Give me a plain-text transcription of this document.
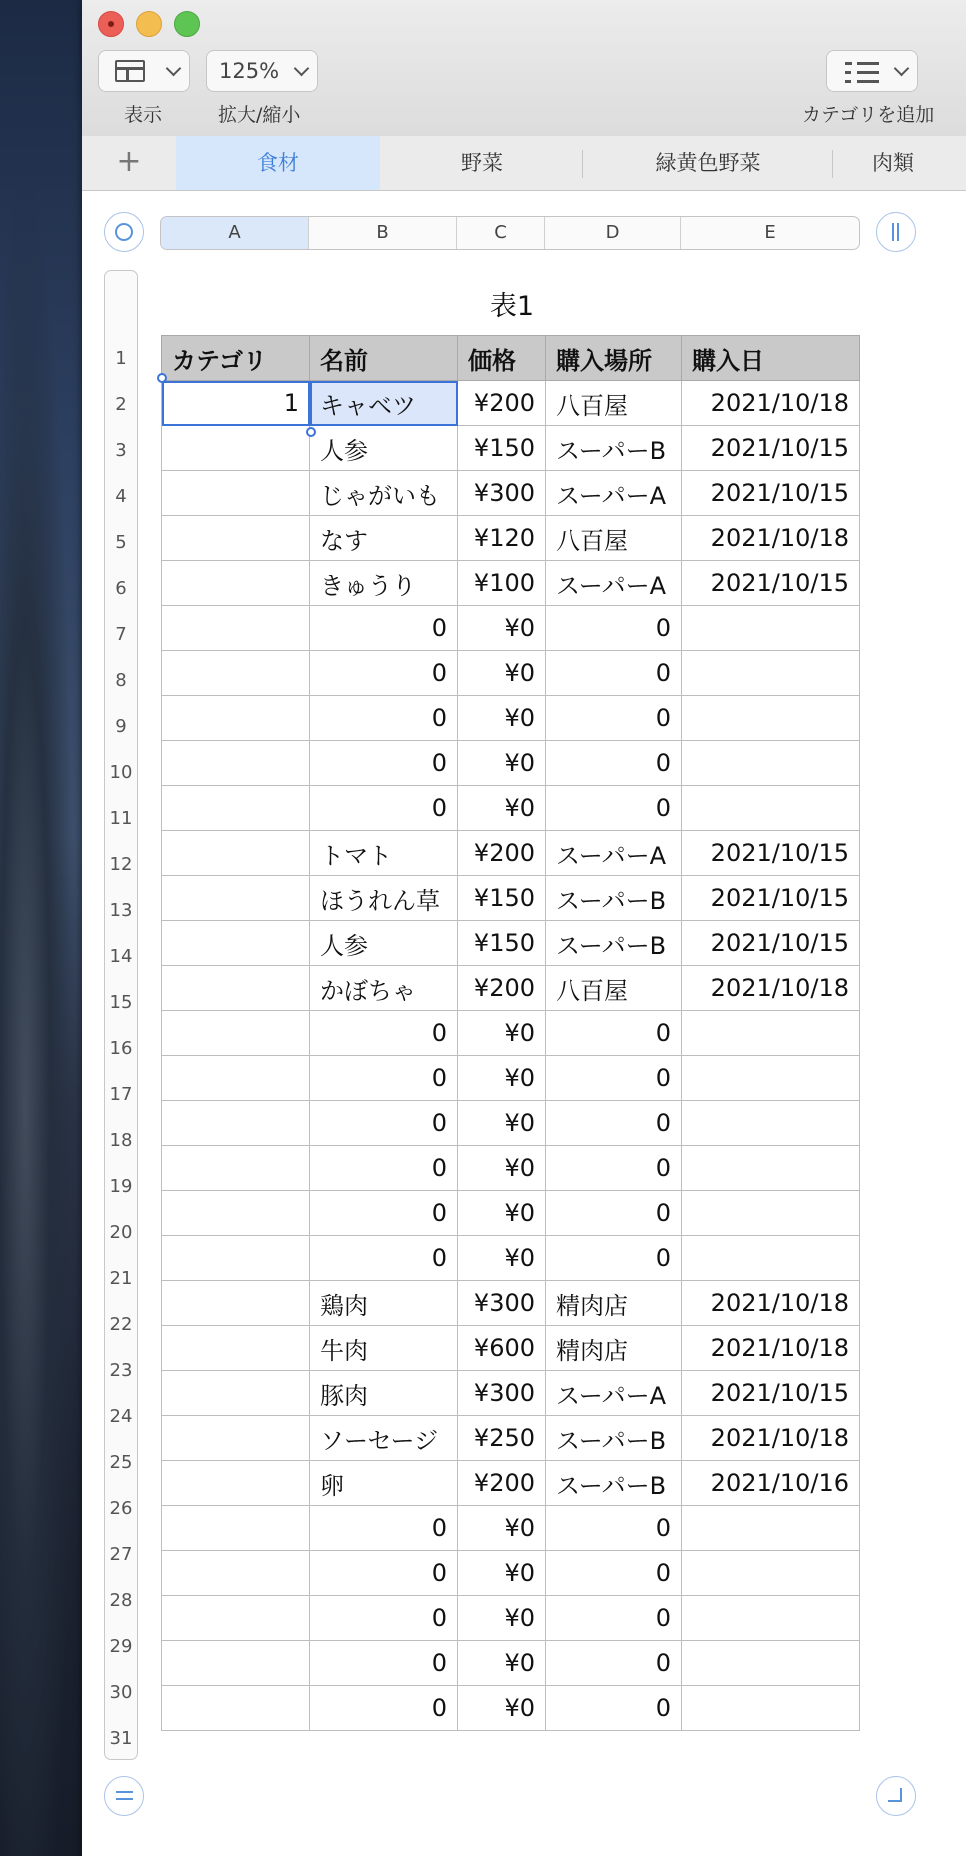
表示
125%
拡大/縮小	カテゴリを追加
+	食材	野菜	緑黄色野菜	肉類
A	B	C	D	E
1
2
3
4
5
6
7
8
9
10
11
12
13
14
15
16
17
18
19
20
21
22
23
24
25
26
27
28
29
30
31
表1
カテゴリ	名前	価格	購入場所	購入日
1	キャベツ	¥200	八百屋	2021/10/18
	人参	¥150	スーパーB	2021/10/15
	じゃがいも	¥300	スーパーA	2021/10/15
	なす	¥120	八百屋	2021/10/18
	きゅうり	¥100	スーパーA	2021/10/15
	0	¥0	0	
	0	¥0	0	
	0	¥0	0	
	0	¥0	0	
	0	¥0	0	
	トマト	¥200	スーパーA	2021/10/15
	ほうれん草	¥150	スーパーB	2021/10/15
	人参	¥150	スーパーB	2021/10/15
	かぼちゃ	¥200	八百屋	2021/10/18
	0	¥0	0	
	0	¥0	0	
	0	¥0	0	
	0	¥0	0	
	0	¥0	0	
	0	¥0	0	
	鶏肉	¥300	精肉店	2021/10/18
	牛肉	¥600	精肉店	2021/10/18
	豚肉	¥300	スーパーA	2021/10/15
	ソーセージ	¥250	スーパーB	2021/10/18
	卵	¥200	スーパーB	2021/10/16
	0	¥0	0	
	0	¥0	0	
	0	¥0	0	
	0	¥0	0	
	0	¥0	0	
